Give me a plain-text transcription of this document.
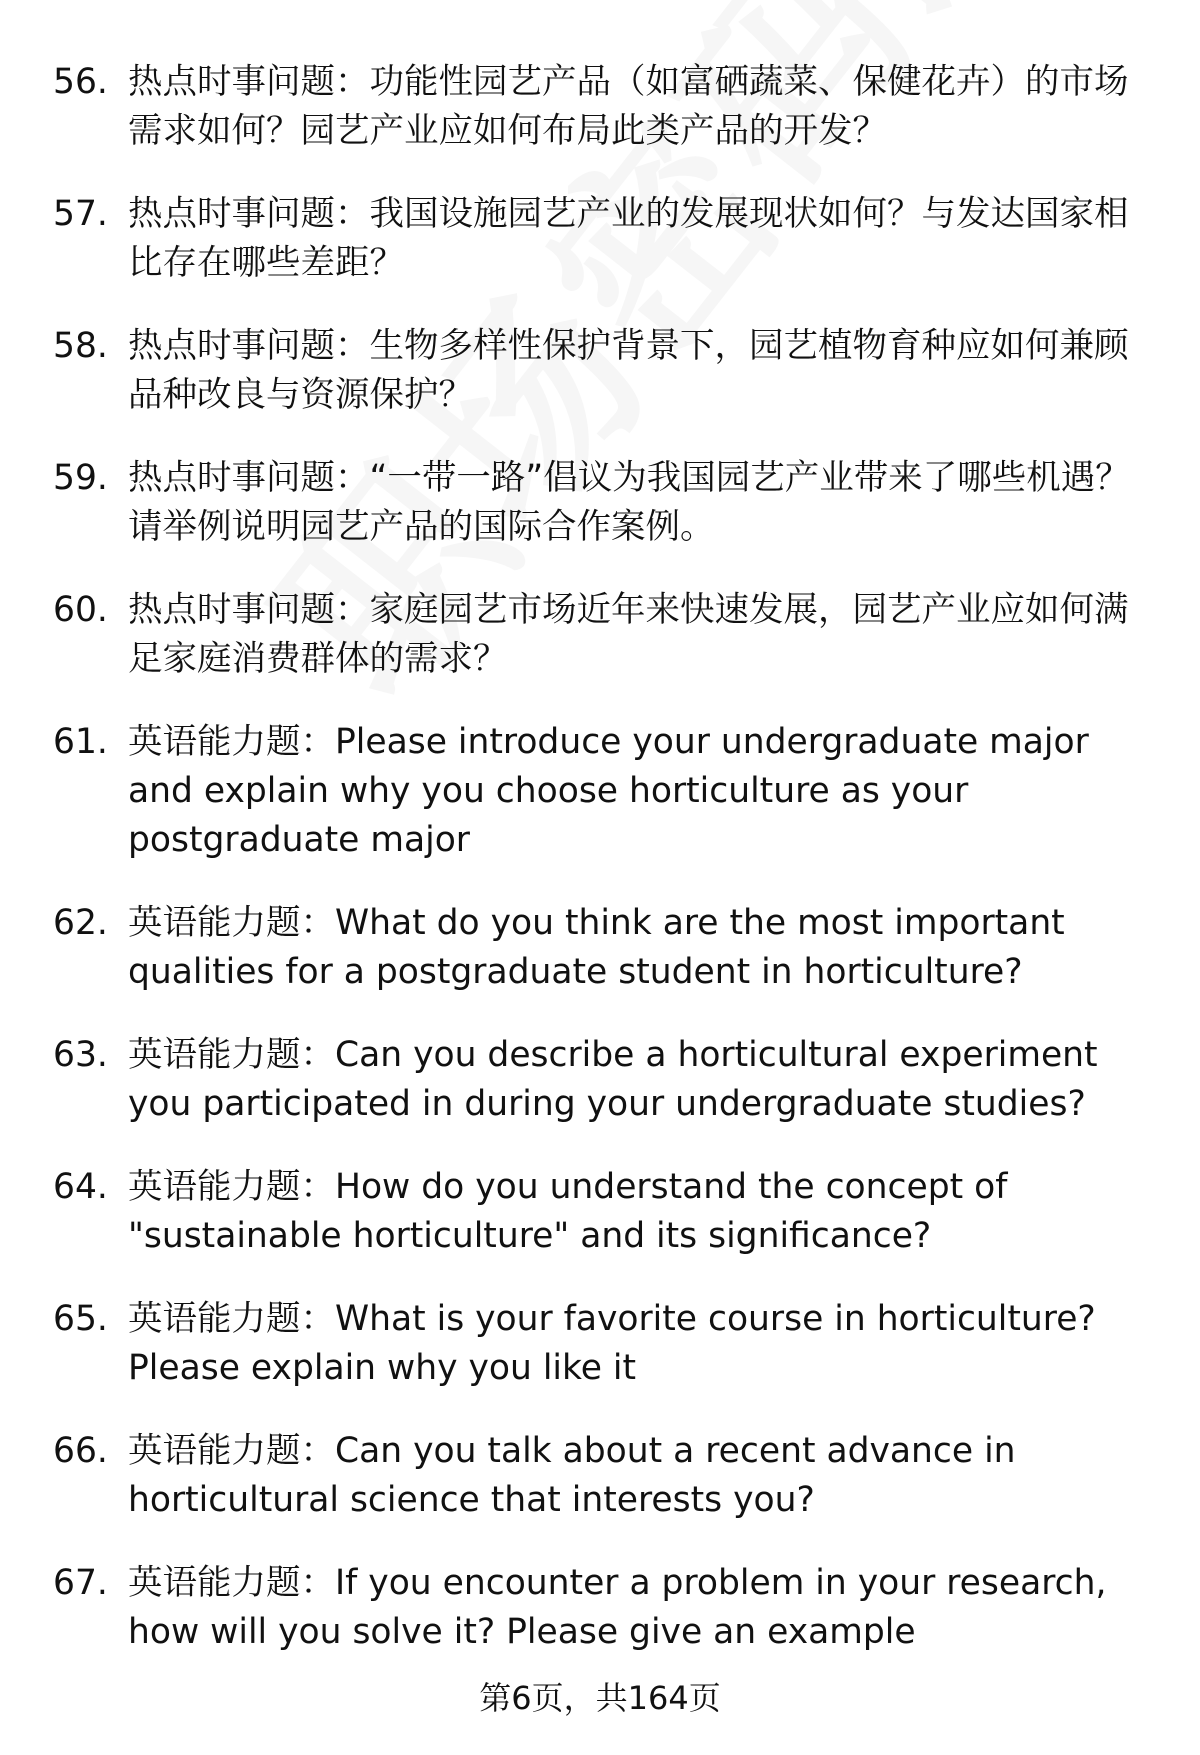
56. 热点时事问题：功能性园艺产品（如富硒蔬菜、保健花卉）的市场需求如何？园艺产业应如何布局此类产品的开发？
57. 热点时事问题：我国设施园艺产业的发展现状如何？与发达国家相比存在哪些差距？
58. 热点时事问题：生物多样性保护背景下，园艺植物育种应如何兼顾品种改良与资源保护？
59. 热点时事问题：“一带一路”倡议为我国园艺产业带来了哪些机遇？请举例说明园艺产品的国际合作案例。
60. 热点时事问题：家庭园艺市场近年来快速发展，园艺产业应如何满足家庭消费群体的需求？
61. 英语能力题：Please introduce your undergraduate major and explain why you choose horticulture as your postgraduate major
62. 英语能力题：What do you think are the most important qualities for a postgraduate student in horticulture?
63. 英语能力题：Can you describe a horticultural experiment you participated in during your undergraduate studies?
64. 英语能力题：How do you understand the concept of "sustainable horticulture" and its significance?
65. 英语能力题：What is your favorite course in horticulture? Please explain why you like it
66. 英语能力题：Can you talk about a recent advance in horticultural science that interests you?
67. 英语能力题：If you encounter a problem in your research, how will you solve it? Please give an example
第6页，共164页
